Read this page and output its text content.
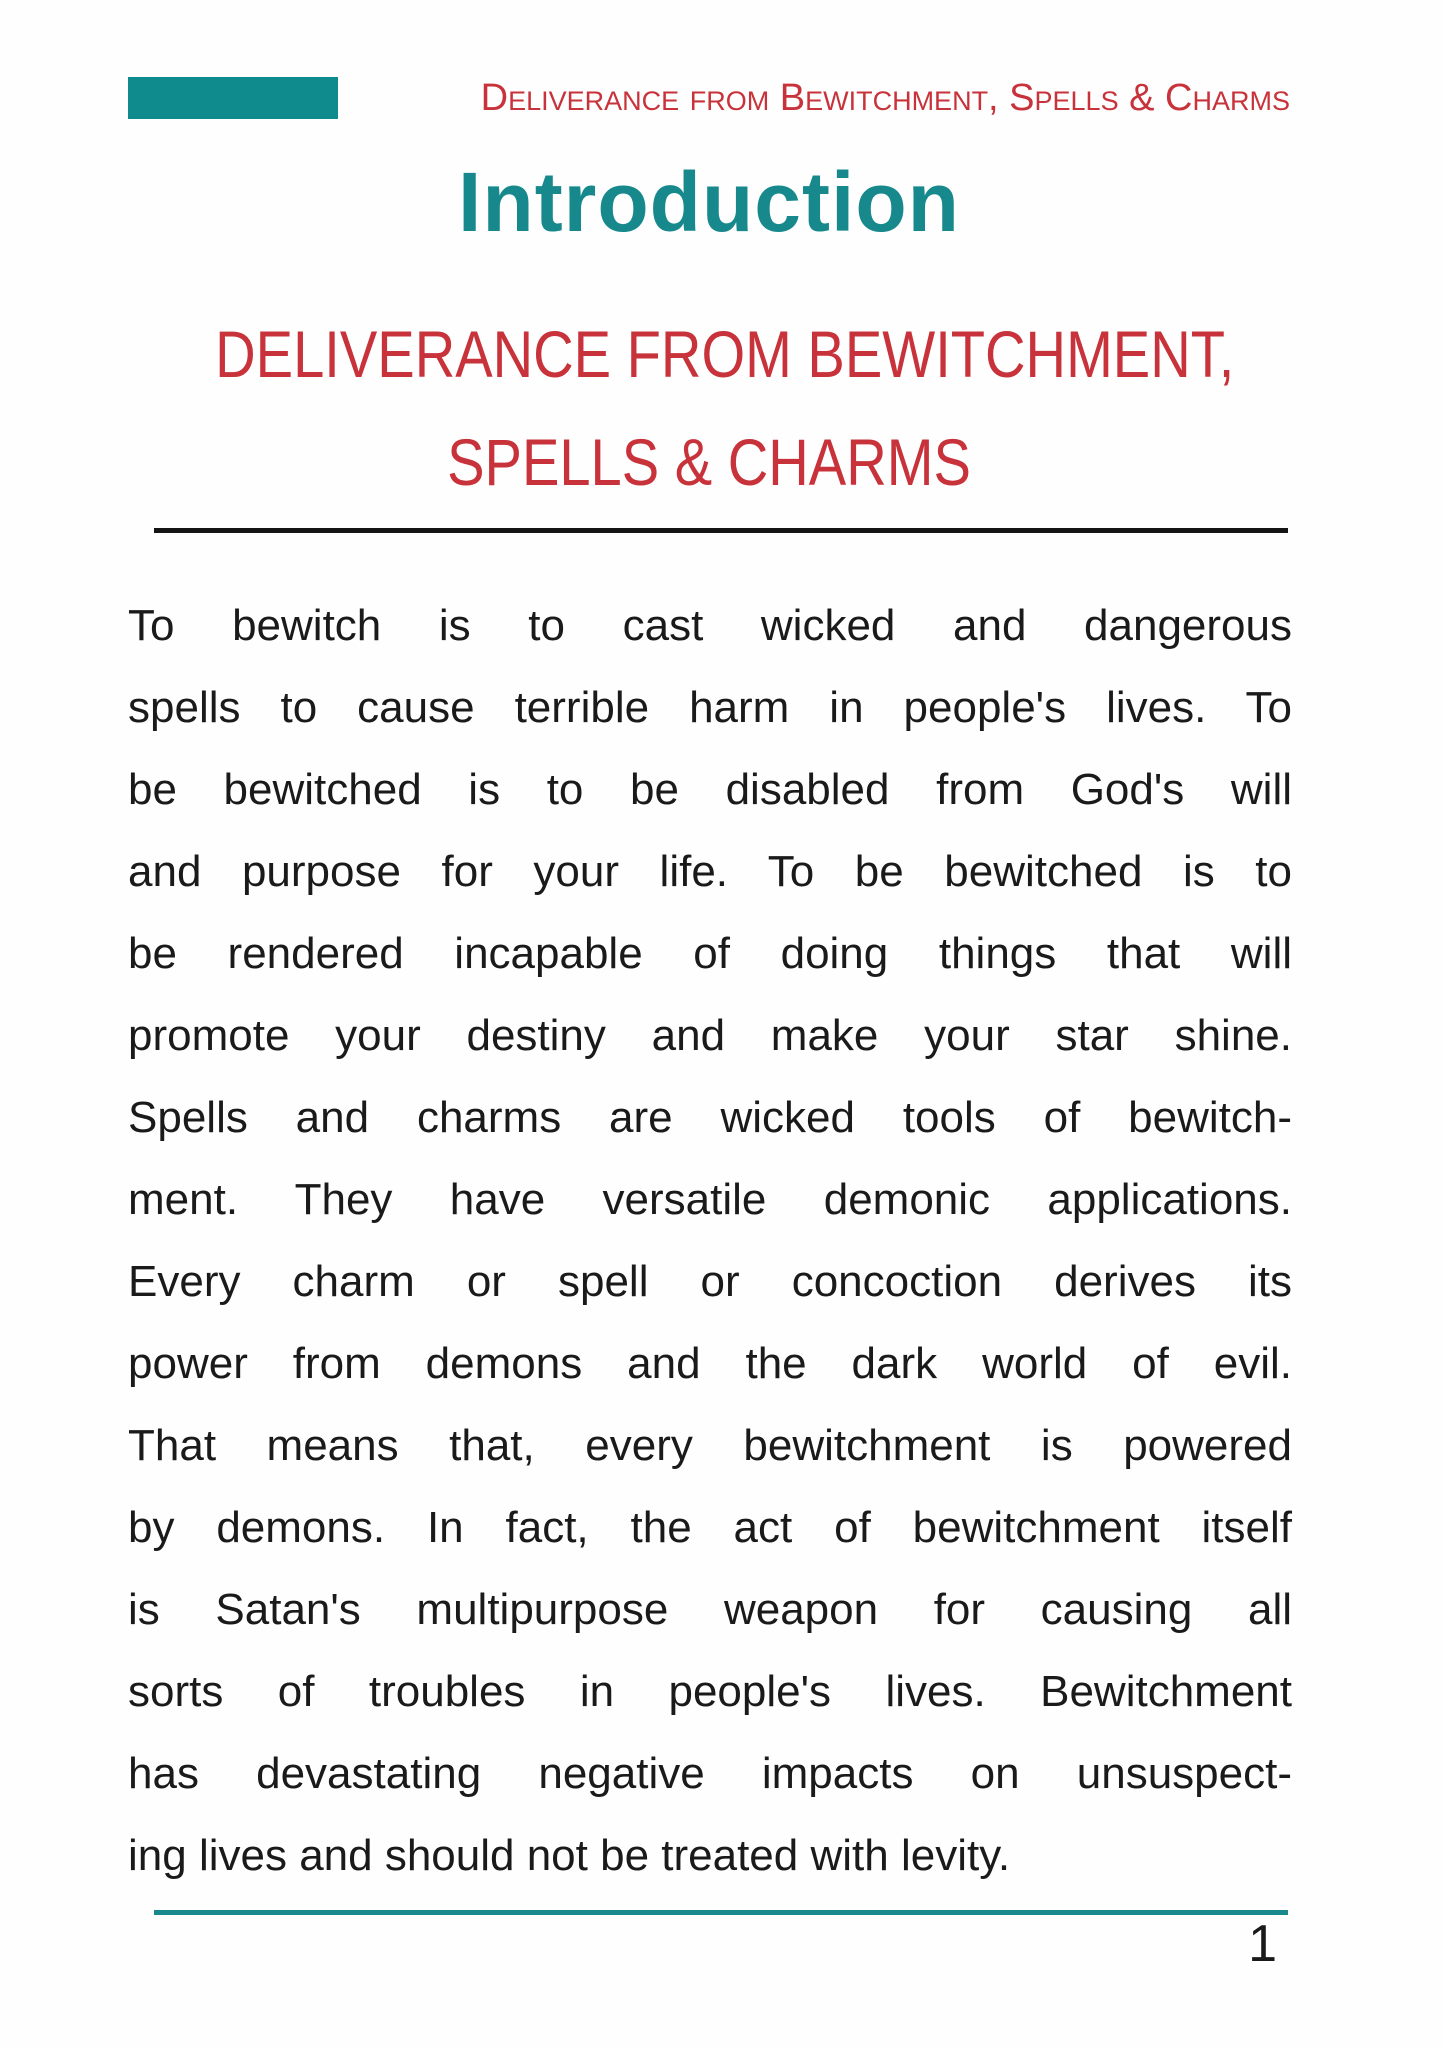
Deliverance from Bewitchment, Spells & Charms
Introduction
DELIVERANCE FROM BEWITCHMENT,
SPELLS & CHARMS
To bewitch is to cast wicked and dangerous
spells to cause terrible harm in people's lives. To
be bewitched is to be disabled from God's will
and purpose for your life. To be bewitched is to
be rendered incapable of doing things that will
promote your destiny and make your star shine.
Spells and charms are wicked tools of bewitch-
ment. They have versatile demonic applications.
Every charm or spell or concoction derives its
power from demons and the dark world of evil.
That means that, every bewitchment is powered
by demons. In fact, the act of bewitchment itself
is Satan's multipurpose weapon for causing all
sorts of troubles in people's lives. Bewitchment
has devastating negative impacts on unsuspect-
ing lives and should not be treated with levity.
1
